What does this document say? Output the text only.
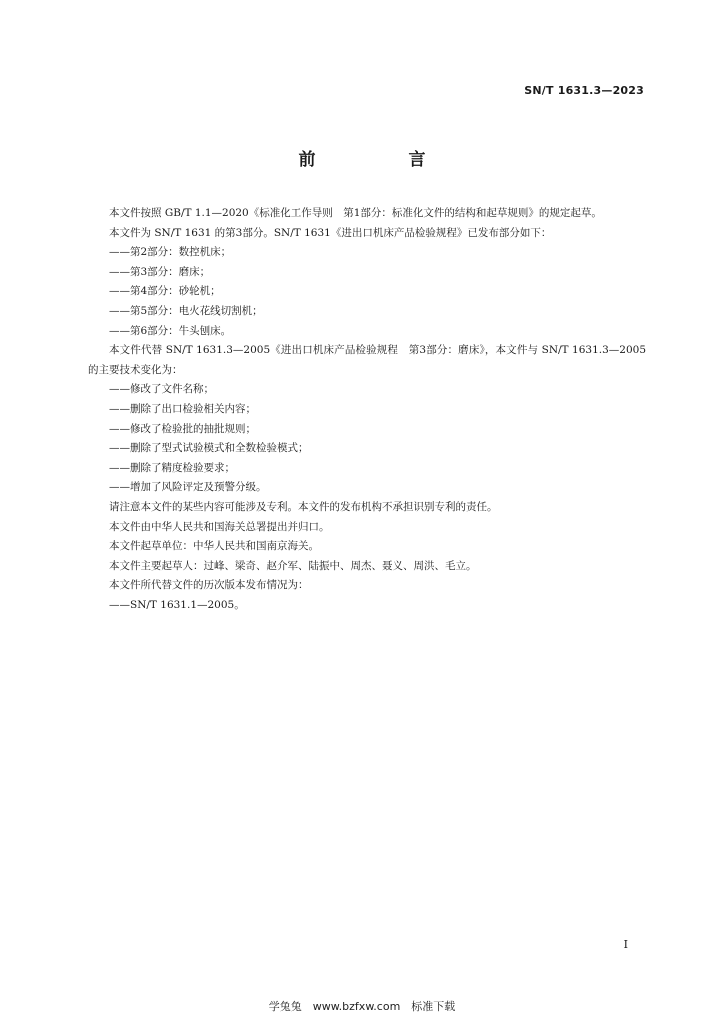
SN/T 1631.3—2023
前　言
本文件按照 GB/T 1.1—2020《标准化工作导则　第1部分：标准化文件的结构和起草规则》的规定起草。
本文件为 SN/T 1631 的第3部分。SN/T 1631《进出口机床产品检验规程》已发布部分如下：
——第2部分：数控机床；
——第3部分：磨床；
——第4部分：砂轮机；
——第5部分：电火花线切割机；
——第6部分：牛头刨床。
本文件代替 SN/T 1631.3—2005《进出口机床产品检验规程　第3部分：磨床》，本文件与 SN/T 1631.3—2005 的主要技术变化为：
——修改了文件名称；
——删除了出口检验相关内容；
——修改了检验批的抽批规则；
——删除了型式试验模式和全数检验模式；
——删除了精度检验要求；
——增加了风险评定及预警分级。
请注意本文件的某些内容可能涉及专利。本文件的发布机构不承担识别专利的责任。
本文件由中华人民共和国海关总署提出并归口。
本文件起草单位：中华人民共和国南京海关。
本文件主要起草人：过峰、梁奇、赵介军、陆振中、周杰、聂义、周洪、毛立。
本文件所代替文件的历次版本发布情况为：
——SN/T 1631.1—2005。
I
学兔兔　www.bzfxw.com　标准下载
